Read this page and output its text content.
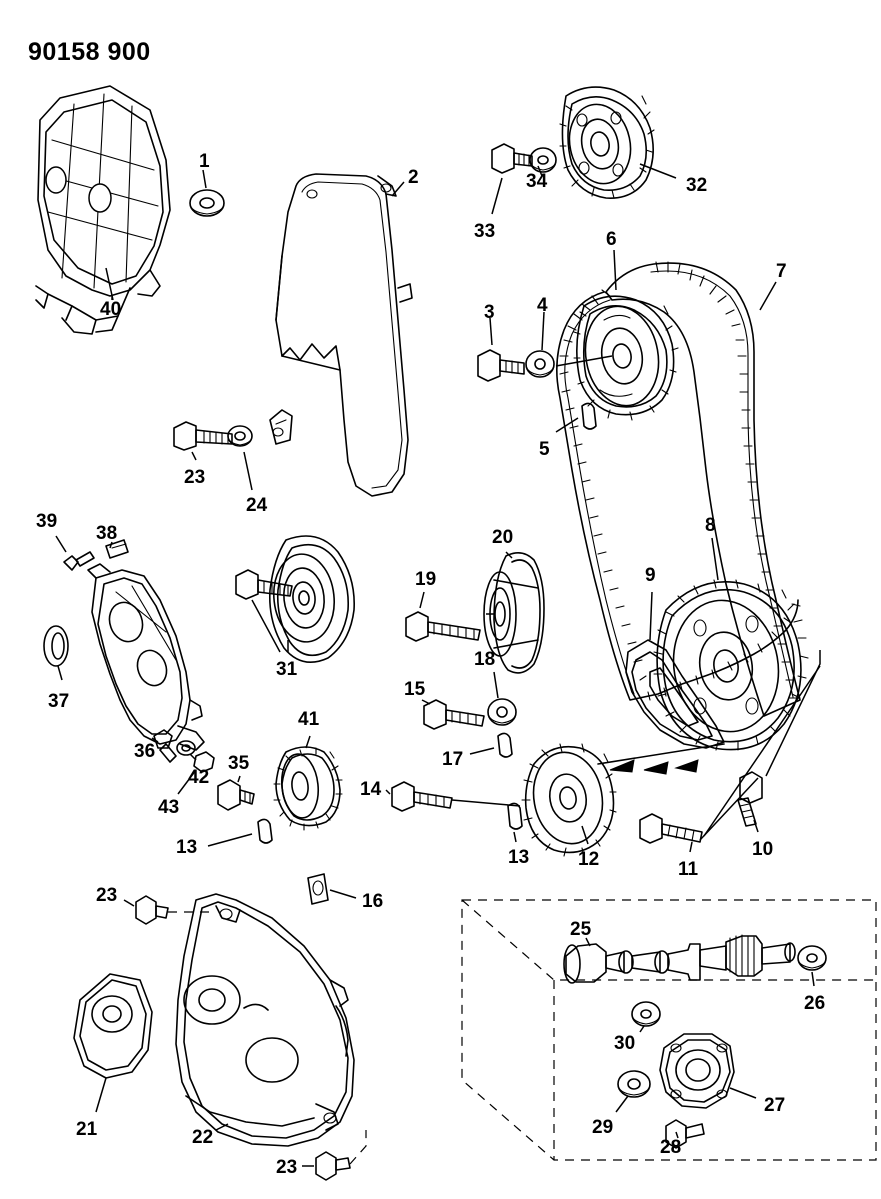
90158 900
1
2
3 4
5
6
7
8
9
10
11
12
13	13
14
15
16
17
18
19
20
21	22
23
23
23
24
25
26
27
28
29
30
31
32
33
34
35
36
37
38
39
40
41
42
43
